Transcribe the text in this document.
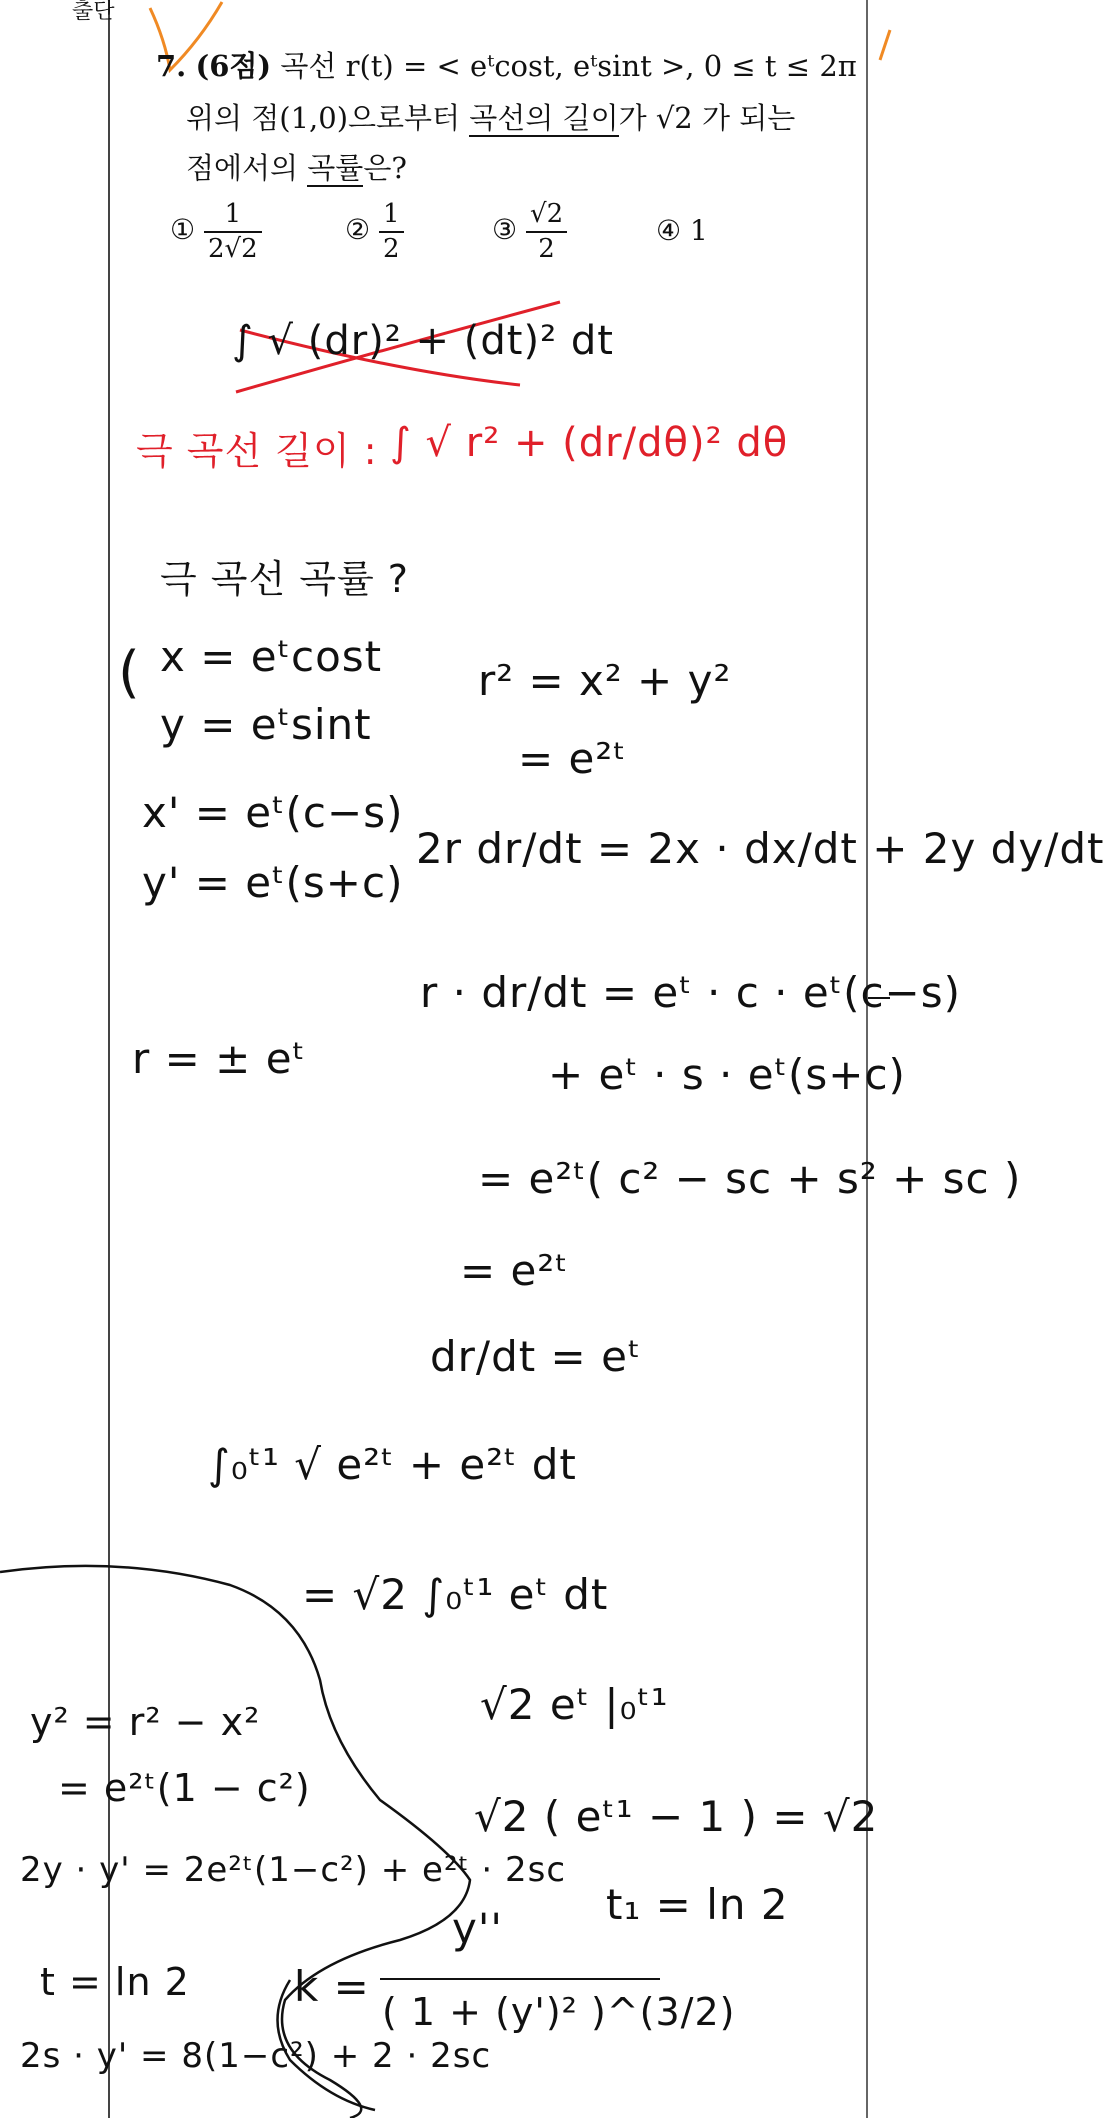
출단
7. (6점) 곡선 r(t) = < eᵗcost, eᵗsint >, 0 ≤ t ≤ 2π
위의 점(1,0)으로부터 곡선의 길이가 √2 가 되는
점에서의 곡률은?
① $\frac{1}{2√2}$	② $\frac{1}{2}$	③ $\frac{√2}{2}$	④ 1
∫ √ (dr)² + (dt)² dt
극 곡선 길이 : ∫ √ r² + (dr/dθ)² dθ
극 곡선 곡률 ?
( x = eᵗcost
y = eᵗsint
r² = x² + y²
= e²ᵗ
x' = eᵗ(c−s)
y' = eᵗ(s+c)
2r dr/dt = 2x · dx/dt + 2y dy/dt
r · dr/dt = eᵗ · c · eᵗ(c−s)
r = ± eᵗ	+ eᵗ · s · eᵗ(s+c)
= e²ᵗ( c² − sc + s² + sc )
= e²ᵗ
dr/dt = eᵗ
∫₀ᵗ¹ √ e²ᵗ + e²ᵗ dt
= √2 ∫₀ᵗ¹ eᵗ dt
√2 eᵗ |₀ᵗ¹
√2 ( eᵗ¹ − 1 ) = √2
t₁ = ln 2
y² = r² − x²
= e²ᵗ(1 − c²)
2y · y' = 2e²ᵗ(1−c²) + e²ᵗ · 2sc
t = ln 2
2s · y' = 8(1−c²) + 2 · 2sc
y''
k =
( 1 + (y')² )^(3/2)
